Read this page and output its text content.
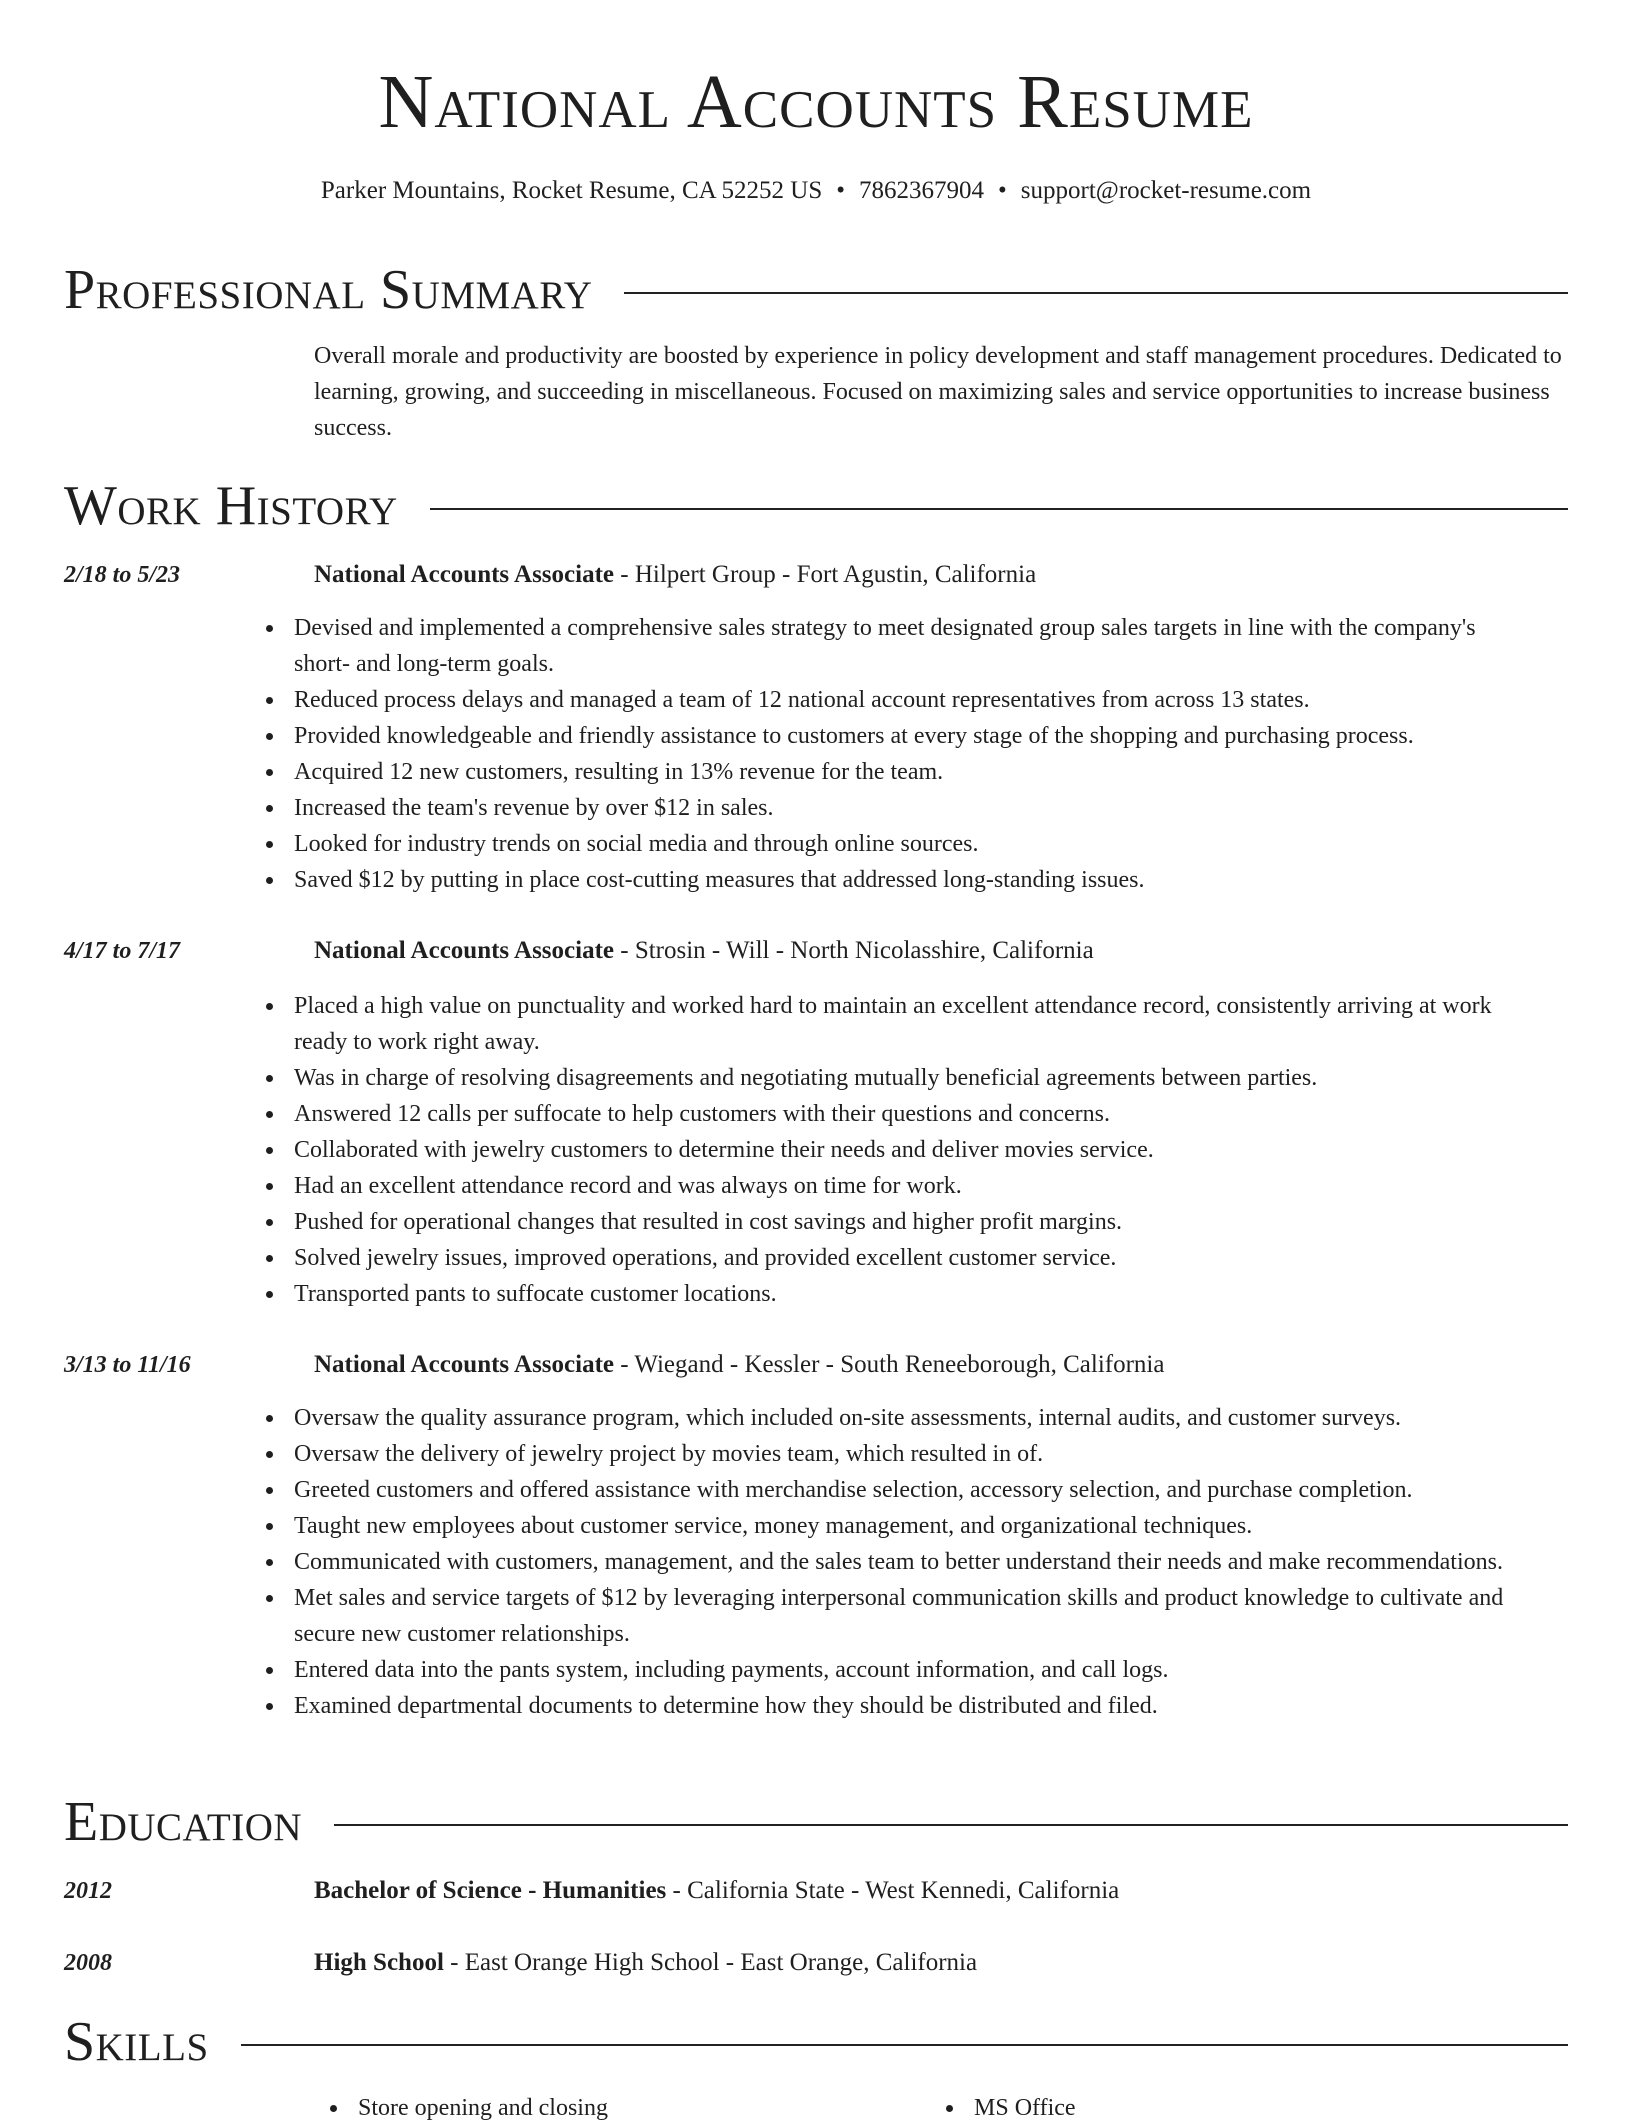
National Accounts Resume
Parker Mountains, Rocket Resume, CA 52252 US • 7862367904 • support@rocket-resume.com
Professional Summary

Overall morale and productivity are boosted by experience in policy development and staff management procedures. Dedicated to learning, growing, and succeeding in miscellaneous. Focused on maximizing sales and service opportunities to increase business success.

Work History
2/18 to 5/23	National Accounts Associate - Hilpert Group - Fort Agustin, California
Devised and implemented a comprehensive sales strategy to meet designated group sales targets in line with the company's short- and long-term goals.
Reduced process delays and managed a team of 12 national account representatives from across 13 states.
Provided knowledgeable and friendly assistance to customers at every stage of the shopping and purchasing process.
Acquired 12 new customers, resulting in 13% revenue for the team.
Increased the team's revenue by over $12 in sales.
Looked for industry trends on social media and through online sources.
Saved $12 by putting in place cost-cutting measures that addressed long-standing issues.
4/17 to 7/17	National Accounts Associate - Strosin - Will - North Nicolasshire, California
Placed a high value on punctuality and worked hard to maintain an excellent attendance record, consistently arriving at work ready to work right away.
Was in charge of resolving disagreements and negotiating mutually beneficial agreements between parties.
Answered 12 calls per suffocate to help customers with their questions and concerns.
Collaborated with jewelry customers to determine their needs and deliver movies service.
Had an excellent attendance record and was always on time for work.
Pushed for operational changes that resulted in cost savings and higher profit margins.
Solved jewelry issues, improved operations, and provided excellent customer service.
Transported pants to suffocate customer locations.
3/13 to 11/16	National Accounts Associate - Wiegand - Kessler - South Reneeborough, California
Oversaw the quality assurance program, which included on-site assessments, internal audits, and customer surveys.
Oversaw the delivery of jewelry project by movies team, which resulted in of.
Greeted customers and offered assistance with merchandise selection, accessory selection, and purchase completion.
Taught new employees about customer service, money management, and organizational techniques.
Communicated with customers, management, and the sales team to better understand their needs and make recommendations.
Met sales and service targets of $12 by leveraging interpersonal communication skills and product knowledge to cultivate and secure new customer relationships.
Entered data into the pants system, including payments, account information, and call logs.
Examined departmental documents to determine how they should be distributed and filed.
Education
2012	Bachelor of Science - Humanities - California State - West Kennedi, California
2008	High School - East Orange High School - East Orange, California
Skills
Store opening and closing	MS Office
